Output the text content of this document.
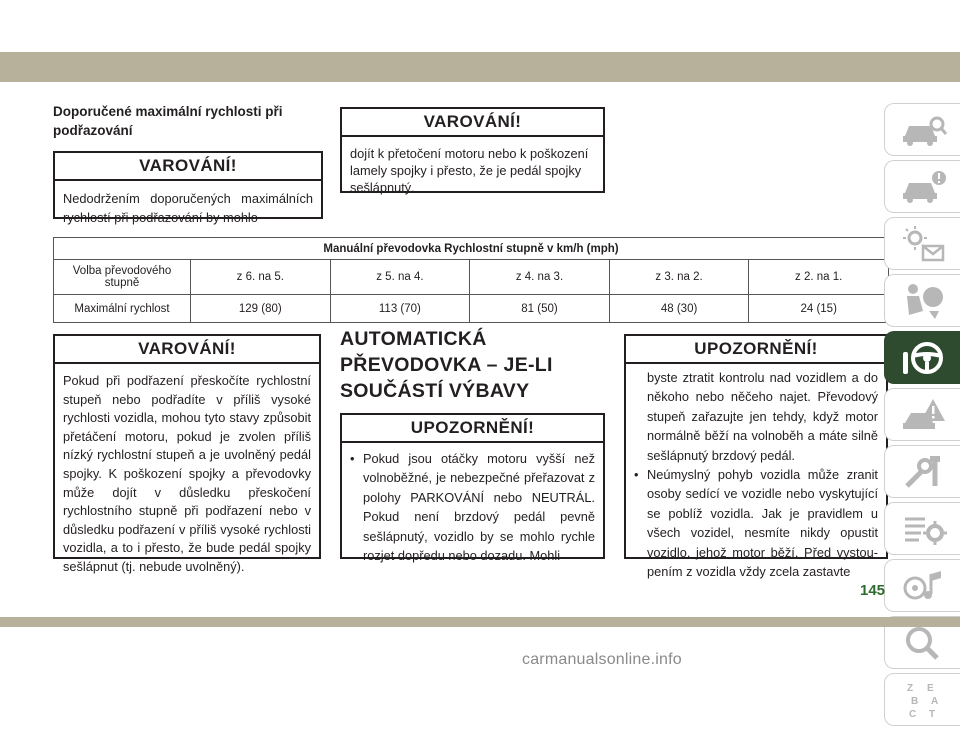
Doporučené maximální rychlosti při podřazování
VAROVÁNÍ!
Nedodržením doporučených maximálních rychlostí při podřazování by mohlo
VAROVÁNÍ!
dojít k přetočení motoru nebo k poškození lamely spojky i přesto, že je pedál spojky sešlápnutý.
Manuální převodovka Rychlostní stupně v km/h (mph)					
Volba převodového stupně	z 6. na 5.	z 5. na 4.	z 4. na 3.	z 3. na 2.	z 2. na 1.
Maximální rychlost	129 (80)	113 (70)	81 (50)	48 (30)	24 (15)
VAROVÁNÍ!
Pokud při podřazení přeskočíte rychlostní stupeň nebo podřadíte v příliš vysoké rychlosti vozidla, mohou tyto stavy způsobit přetáčení motoru, pokud je zvolen příliš nízký rychlostní stupeň a je uvolněný pedál spojky. K poškození spojky a převodovky může dojít v důsledku přeskočení rychlostního stupně při podřazení nebo v důsledku podřazení v příliš vysoké rychlosti vozidla, a to i přesto, že bude pedál spojky sešlápnut (tj. nebude uvolněný).
AUTOMATICKÁ PŘEVODOVKA – JE-LI SOUČÁSTÍ VÝBAVY
UPOZORNĚNÍ!
• Pokud jsou otáčky motoru vyšší než volnoběžné, je nebezpečné přeřazovat z polohy PARKOVÁNÍ nebo NEUTRÁL. Pokud není brzdový pedál pevně sešlápnutý, vozidlo by se mohlo rychle rozjet dopředu nebo dozadu. Mohli
UPOZORNĚNÍ!
byste ztratit kontrolu nad vozidlem a do někoho nebo něčeho najet. Převodový stupeň zařazujte jen tehdy, když motor normálně běží na volnoběh a máte silně sešlápnutý brzdový pedál.
• Neúmyslný pohyb vozidla může zranit osoby sedící ve vozidle nebo vyskytující se poblíž vozidla. Jak je pravidlem u všech vozidel, nesmíte nikdy opustit vozidlo, jehož motor běží. Před vystoupením z vozidla vždy zcela zastavte
Z E
B A
C T
145
carmanualsonline.info
